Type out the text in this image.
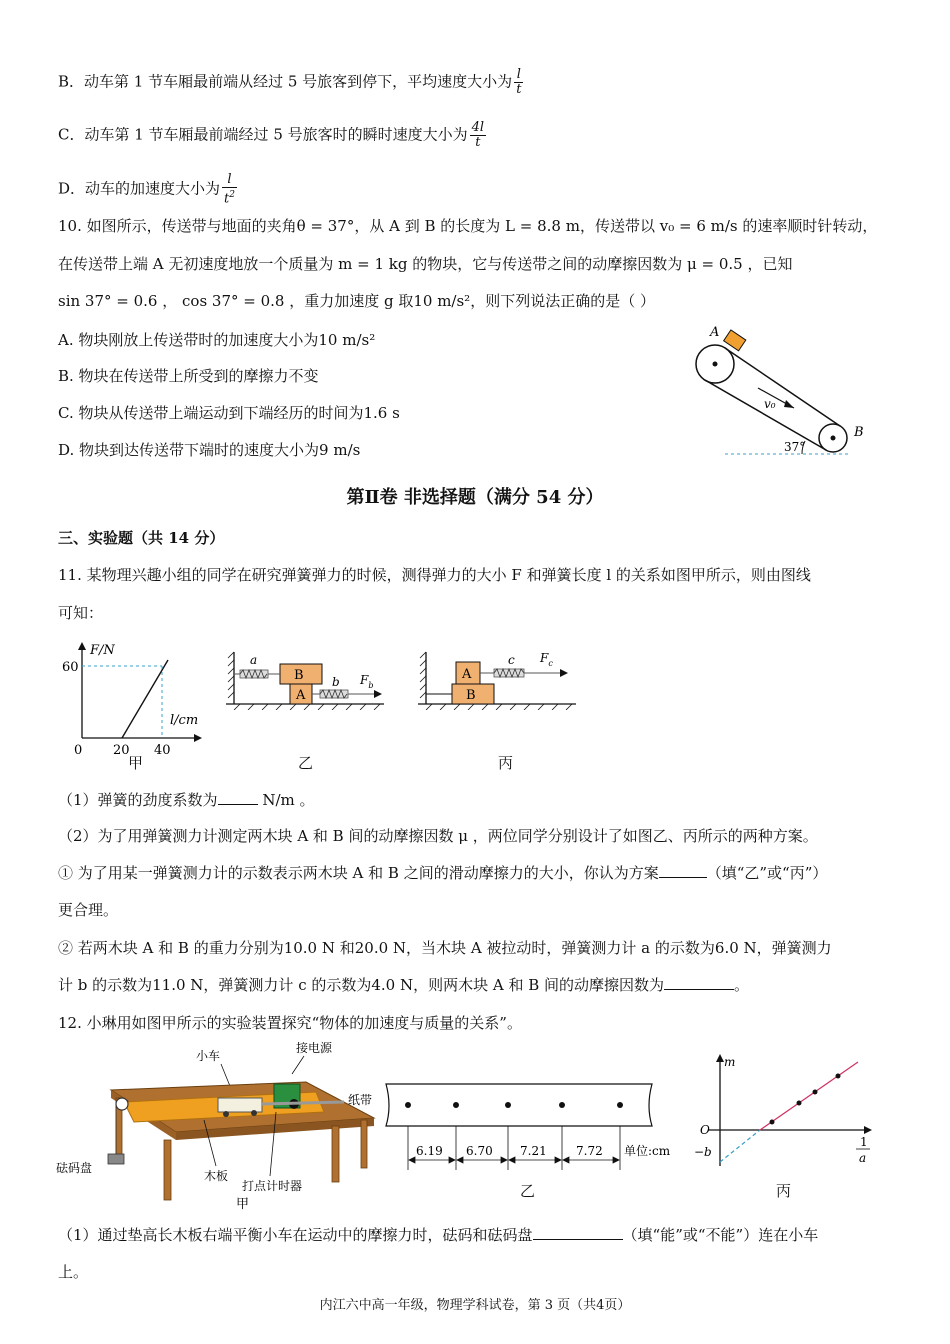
B．动车第 1 节车厢最前端从经过 5 号旅客到停下，平均速度大小为 $\frac{l}{t}$
C．动车第 1 节车厢最前端经过 5 号旅客时的瞬时速度大小为 $\frac{4l}{t}$
D．动车的加速度大小为 $\frac{l}{t^2}$
10. 如图所示，传送带与地面的夹角θ = 37°，从 A 到 B 的长度为 L = 8.8 m，传送带以 v₀ = 6 m/s 的速率顺时针转动，
在传送带上端 A 无初速度地放一个质量为 m = 1 kg 的物块，它与传送带之间的动摩擦因数为 μ = 0.5 ，已知
sin 37° = 0.6 ， cos 37° = 0.8 ，重力加速度 g 取10 m/s²，则下列说法正确的是（ ）
A. 物块刚放上传送带时的加速度大小为10 m/s²
B. 物块在传送带上所受到的摩擦力不变
C. 物块从传送带上端运动到下端经历的时间为1.6 s
D. 物块到达传送带下端时的速度大小为9 m/s
v₀
A
B
37°
第Ⅱ卷 非选择题（满分 54 分）
三、实验题（共 14 分）
11. 某物理兴趣小组的同学在研究弹簧弹力的时候，测得弹力的大小 F 和弹簧长度 l 的关系如图甲所示，则由图线
可知：
F/N
l/cm
60
0 20 40
甲
B
A
a
b $F_b$
乙
A
B
c $F_c$
丙
（1）弹簧的劲度系数为	N/m 。
（2）为了用弹簧测力计测定两木块 A 和 B 间的动摩擦因数 μ ，两位同学分别设计了如图乙、丙所示的两种方案。
① 为了用某一弹簧测力计的示数表示两木块 A 和 B 之间的滑动摩擦力的大小，你认为方案	（填“乙”或“丙”）
更合理。
② 若两木块 A 和 B 的重力分别为10.0 N 和20.0 N，当木块 A 被拉动时，弹簧测力计 a 的示数为6.0 N，弹簧测力
计 b 的示数为11.0 N，弹簧测力计 c 的示数为4.0 N，则两木块 A 和 B 间的动摩擦因数为	。
12. 小琳用如图甲所示的实验装置探究“物体的加速度与质量的关系”。
小车
接电源
纸带
砝码盘
木板
打点计时器
甲
6.19 6.70 7.21 7.72 单位:cm
乙
m
O
−b
1
a
丙
（1）通过垫高长木板右端平衡小车在运动中的摩擦力时，砝码和砝码盘	（填“能”或“不能”）连在小车
上。
内江六中高一年级，物理学科试卷，第 3 页（共4页）
